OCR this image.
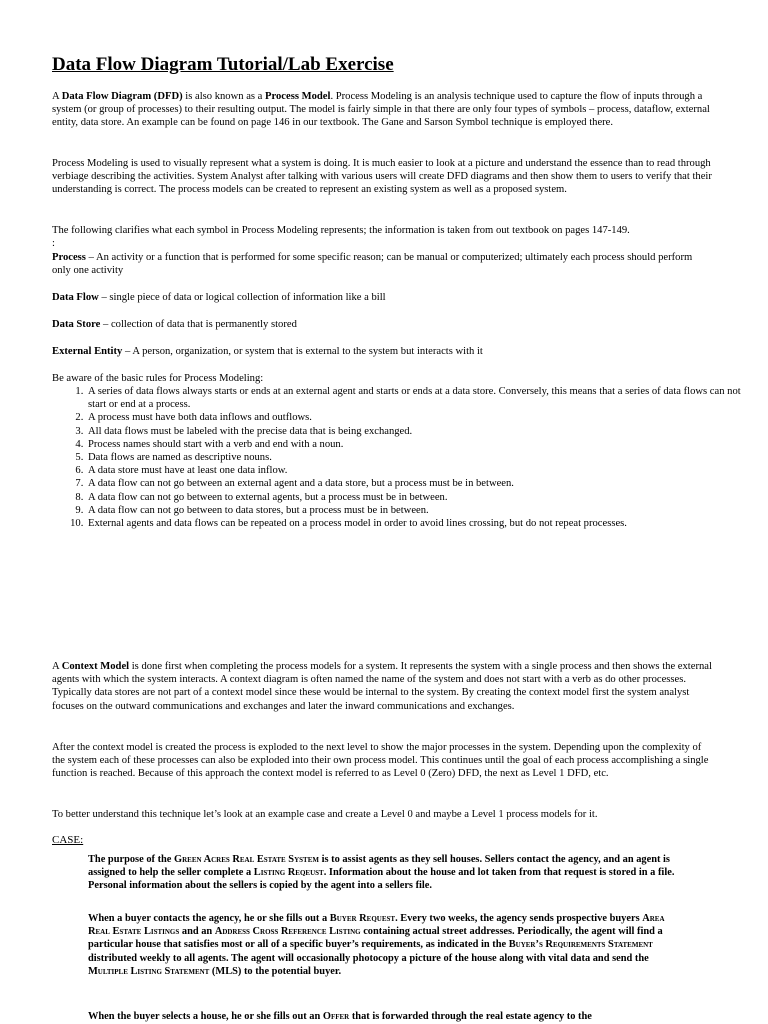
Data Flow Diagram Tutorial/Lab Exercise

A Data Flow Diagram (DFD) is also known as a Process Model. Process Modeling is an analysis technique used to capture the flow of inputs through a system (or group of processes) to their resulting output. The model is fairly simple in that there are only four types of symbols – process, dataflow, external entity, data store. An example can be found on page 146 in our textbook. The Gane and Sarson Symbol technique is employed there.

Process Modeling is used to visually represent what a system is doing. It is much easier to look at a picture and understand the essence than to read through verbiage describing the activities. System Analyst after talking with various users will create DFD diagrams and then show them to users to verify that their understanding is correct. The process models can be created to represent an existing system as well as a proposed system.

The following clarifies what each symbol in Process Modeling represents; the information is taken from out textbook on pages 147-149.
:

Process – An activity or a function that is performed for some specific reason; can be manual or computerized; ultimately each process should perform only one activity

Data Flow – single piece of data or logical collection of information like a bill

Data Store – collection of data that is permanently stored

External Entity – A person, organization, or system that is external to the system but interacts with it

Be aware of the basic rules for Process Modeling:

1. A series of data flows always starts or ends at an external agent and starts or ends at a data store. Conversely, this means that a series of data flows can not start or end at a process.
2. A process must have both data inflows and outflows.
3. All data flows must be labeled with the precise data that is being exchanged.
4. Process names should start with a verb and end with a noun.
5. Data flows are named as descriptive nouns.
6. A data store must have at least one data inflow.
7. A data flow can not go between an external agent and a data store, but a process must be in between.
8. A data flow can not go between to external agents, but a process must be in between.
9. A data flow can not go between to data stores, but a process must be in between.
10. External agents and data flows can be repeated on a process model in order to avoid lines crossing, but do not repeat processes.

A Context Model is done first when completing the process models for a system. It represents the system with a single process and then shows the external agents with which the system interacts. A context diagram is often named the name of the system and does not start with a verb as do other processes. Typically data stores are not part of a context model since these would be internal to the system. By creating the context model first the system analyst focuses on the outward communications and exchanges and later the inward communications and exchanges.

After the context model is created the process is exploded to the next level to show the major processes in the system. Depending upon the complexity of the system each of these processes can also be exploded into their own process model. This continues until the goal of each process accomplishing a single function is reached. Because of this approach the context model is referred to as Level 0 (Zero) DFD, the next as Level 1 DFD, etc.

To better understand this technique let’s look at an example case and create a Level 0 and maybe a Level 1 process models for it.

CASE:

The purpose of the Green Acres Real Estate System is to assist agents as they sell houses. Sellers contact the agency, and an agent is assigned to help the seller complete a Listing Reqeust. Information about the house and lot taken from that request is stored in a file. Personal information about the sellers is copied by the agent into a sellers file.

When a buyer contacts the agency, he or she fills out a Buyer Request. Every two weeks, the agency sends prospective buyers Area Real Estate Listings and an Address Cross Reference Listing containing actual street addresses. Periodically, the agent will find a particular house that satisfies most or all of a specific buyer’s requirements, as indicated in the Buyer’s Requirements Statement distributed weekly to all agents. The agent will occasionally photocopy a picture of the house along with vital data and send the Multiple Listing Statement (MLS) to the potential buyer.

When the buyer selects a house, he or she fills out an Offer that is forwarded through the real estate agency to the
